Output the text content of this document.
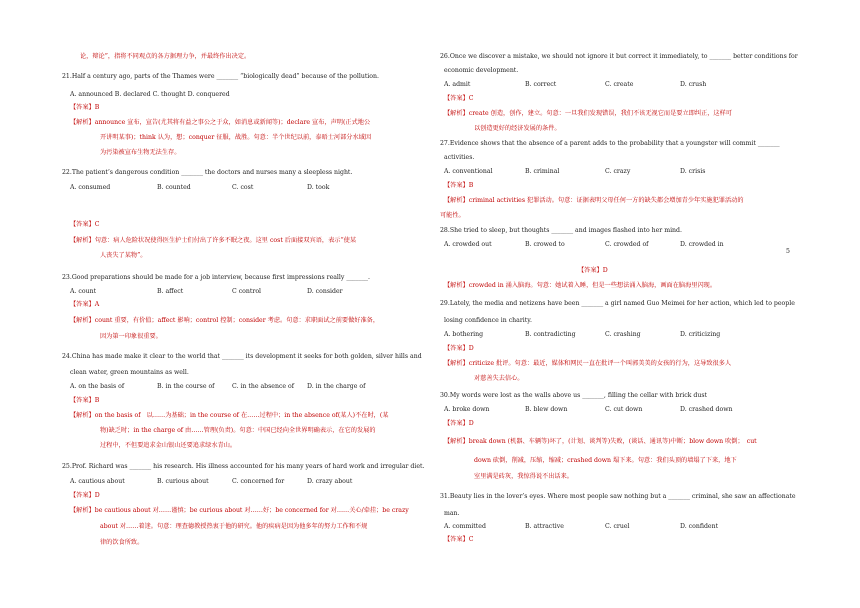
论，辩论”，指将不同观点的各方据理力争，并最终作出决定。
21.Half a century ago, parts of the Thames were _______ “biologically dead” because of the pollution.
A. announced B. declared C. thought D. conquered
【答案】B
【解析】announce 宣布，宣告(尤其将有益之事公之于众，如消息或新闻等)；declare 宣布，声明(正式地公
开讲明某事)；think 认为，想；conquer 征服，战胜。句意：半个世纪以前，泰晤士河部分水域因
为污染被宣布生物无法生存。
22.The patient’s dangerous condition _______ the doctors and nurses many a sleepless night.
A. consumed	B. counted	C. cost	D. took
【答案】C
【解析】句意：病人危险状况使得医生护士们付出了许多不眠之夜。这里 cost 后面接双宾语，表示“使某
人丧失了某物”。
23.Good preparations should be made for a job interview, because first impressions really _______.
A. count	B. affect	C control	D. consider
【答案】A
【解析】count 重要，有价值；affect 影响；control 控制；consider 考虑。句意：求职面试之前要做好准备，
因为第一印象很重要。
24.China has made make it clear to the world that _______ its development it seeks for both golden, silver hills and
clean water, green mountains as well.
A. on the basis of	B. in the course of	C. in the absence of D. in the charge of
【答案】B
【解析】on the basis of　以……为基础；in the course of 在……过程中；in the absence of(某人)不在时，(某
物)缺乏时；in the charge of 由……管理(负责)。句意：中国已经向全世界明确表示，在它的发展的
过程中，不但要追求金山银山还要追求绿水青山。
25.Prof. Richard was _______ his research. His illness accounted for his many years of hard work and irregular diet.
A. cautious about	B. curious about	C. concerned for	D. crazy about
【答案】D
【解析】be cautious about 对……谨慎；be curious about 对……好；be concerned for 对……关心/牵挂；be crazy
about 对……着迷。句意：理查德教授热衷于他的研究。他的疾病是因为他多年的努力工作和不规
律的饮食所致。
26.Once we discover a mistake, we should not ignore it but correct it immediately, to _______ better conditions for
economic development.
A. admit	B. correct	C. create	D. crush
【答案】C
【解析】create 创造，创作，建立。句意：一旦我们发现错误，我们不该无视它而是要立即纠正，这样可
以创造更好的经济发展的条件。
27.Evidence shows that the absence of a parent adds to the probability that a youngster will commit _______
activities.
A. conventional	B. criminal	C. crazy	D. crisis
【答案】B
【解析】criminal activities 犯罪活动。句意：证据表明父母任何一方的缺失都会增加青少年实施犯罪活动的
可能性。
28.She tried to sleep, but thoughts _______ and images flashed into her mind.
A. crowded out	B. crowed to	C. crowded of	D. crowded in
【答案】D
【解析】crowded in 涌入脑海。句意：她试着入睡，但是一些想法涌入脑海，画面在脑海里闪现。
29.Lately, the media and netizens have been _______ a girl named Guo Meimei for her action, which led to people
losing confidence in charity.
A. bothering	B. contradicting	C. crashing	D. criticizing
【答案】D
【解析】criticize 批评。句意：最近，媒体和网民一直在批评一个叫郭美美的女孩的行为，这导致很多人
对慈善失去信心。
30.My words were lost as the walls above us _______, filling the cellar with brick dust
A. broke down	B. blew down	C. cut down	D. crashed down
【答案】D
【解析】break down (机器、车辆等)坏了，(计划、谈判等)失败，(谈话、通讯等)中断；blow down 吹倒；　cut
down 砍倒，削减，压缩，缩减；crashed down 塌下来。句意：我们头顶的墙塌了下来，地下
室里满是砖灰，我惊得说不出话来。
31.Beauty lies in the lover’s eyes. Where most people saw nothing but a _______ criminal, she saw an affectionate
man.
A. committed	B. attractive	C. cruel	D. confident
【答案】C
5
